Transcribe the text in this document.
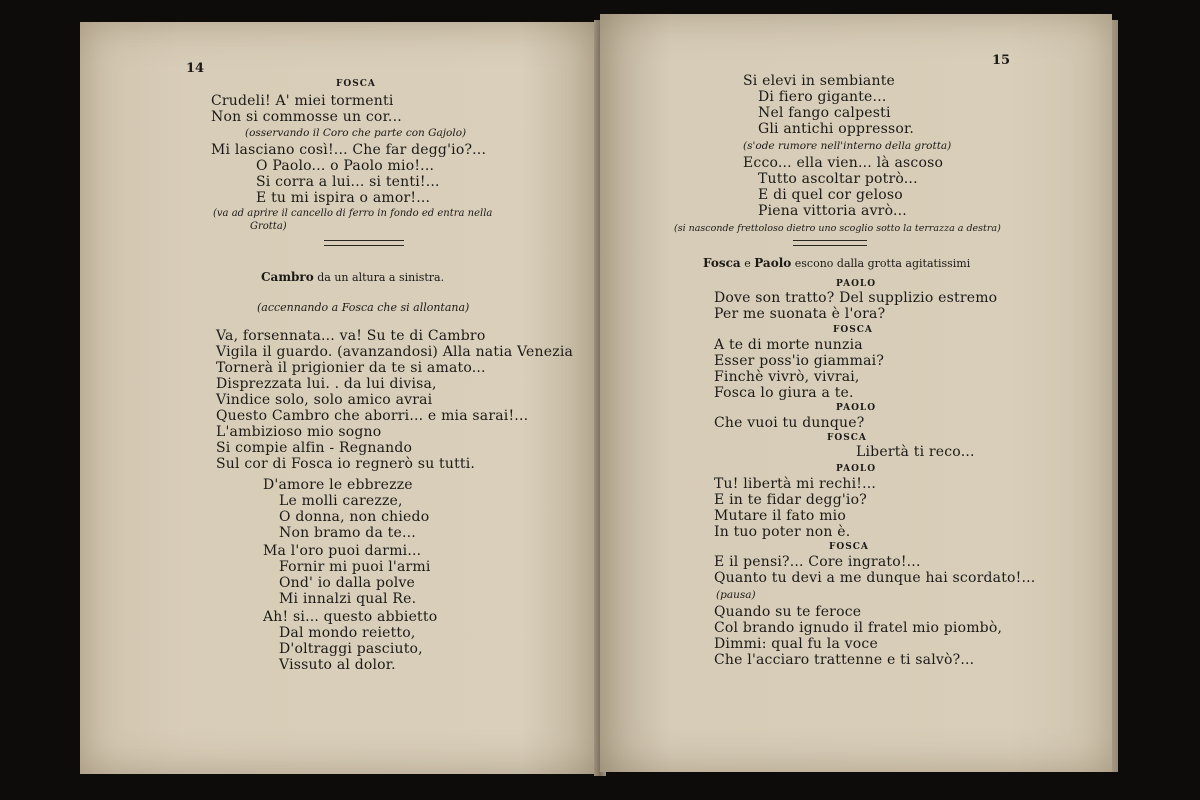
14
FOSCA
Crudeli! A' miei tormenti
Non si commosse un cor...
(osservando il Coro che parte con Gajolo)
Mi lasciano così!... Che far degg'io?...
O Paolo... o Paolo mio!...
Si corra a lui... si tenti!...
E tu mi ispira o amor!...
(va ad aprire il cancello di ferro in fondo ed entra nella
Grotta)
Cambro da un altura a sinistra.
(accennando a Fosca che si allontana)
Va, forsennata... va! Su te di Cambro
Vigila il guardo. (avanzandosi) Alla natia Venezia
Tornerà il prigionier da te si amato...
Disprezzata lui. . da lui divisa,
Vindice solo, solo amico avrai
Questo Cambro che aborri... e mia sarai!...
L'ambizioso mio sogno
Si compie alfin - Regnando
Sul cor di Fosca io regnerò su tutti.
D'amore le ebbrezze
Le molli carezze,
O donna, non chiedo
Non bramo da te...
Ma l'oro puoi darmi...
Fornir mi puoi l'armi
Ond' io dalla polve
Mi innalzi qual Re.
Ah! si... questo abbietto
Dal mondo reietto,
D'oltraggi pasciuto,
Vissuto al dolor.
15
Si elevi in sembiante
Di fiero gigante...
Nel fango calpesti
Gli antichi oppressor.
(s'ode rumore nell'interno della grotta)
Ecco... ella vien... là ascoso
Tutto ascoltar potrò...
E di quel cor geloso
Piena vittoria avrò...
(si nasconde frettoloso dietro uno scoglio sotto la terrazza a destra)
Fosca e Paolo escono dalla grotta agitatissimi
PAOLO
Dove son tratto? Del supplizio estremo
Per me suonata è l'ora?
FOSCA
A te di morte nunzia
Esser poss'io giammai?
Finchè vivrò, vivrai,
Fosca lo giura a te.
PAOLO
Che vuoi tu dunque?
FOSCA
Libertà ti reco...
PAOLO
Tu! libertà mi rechi!...
E in te fidar degg'io?
Mutare il fato mio
In tuo poter non è.
FOSCA
E il pensi?... Core ingrato!...
Quanto tu devi a me dunque hai scordato!...
(pausa)
Quando su te feroce
Col brando ignudo il fratel mio piombò,
Dimmi: qual fu la voce
Che l'acciaro trattenne e ti salvò?...
